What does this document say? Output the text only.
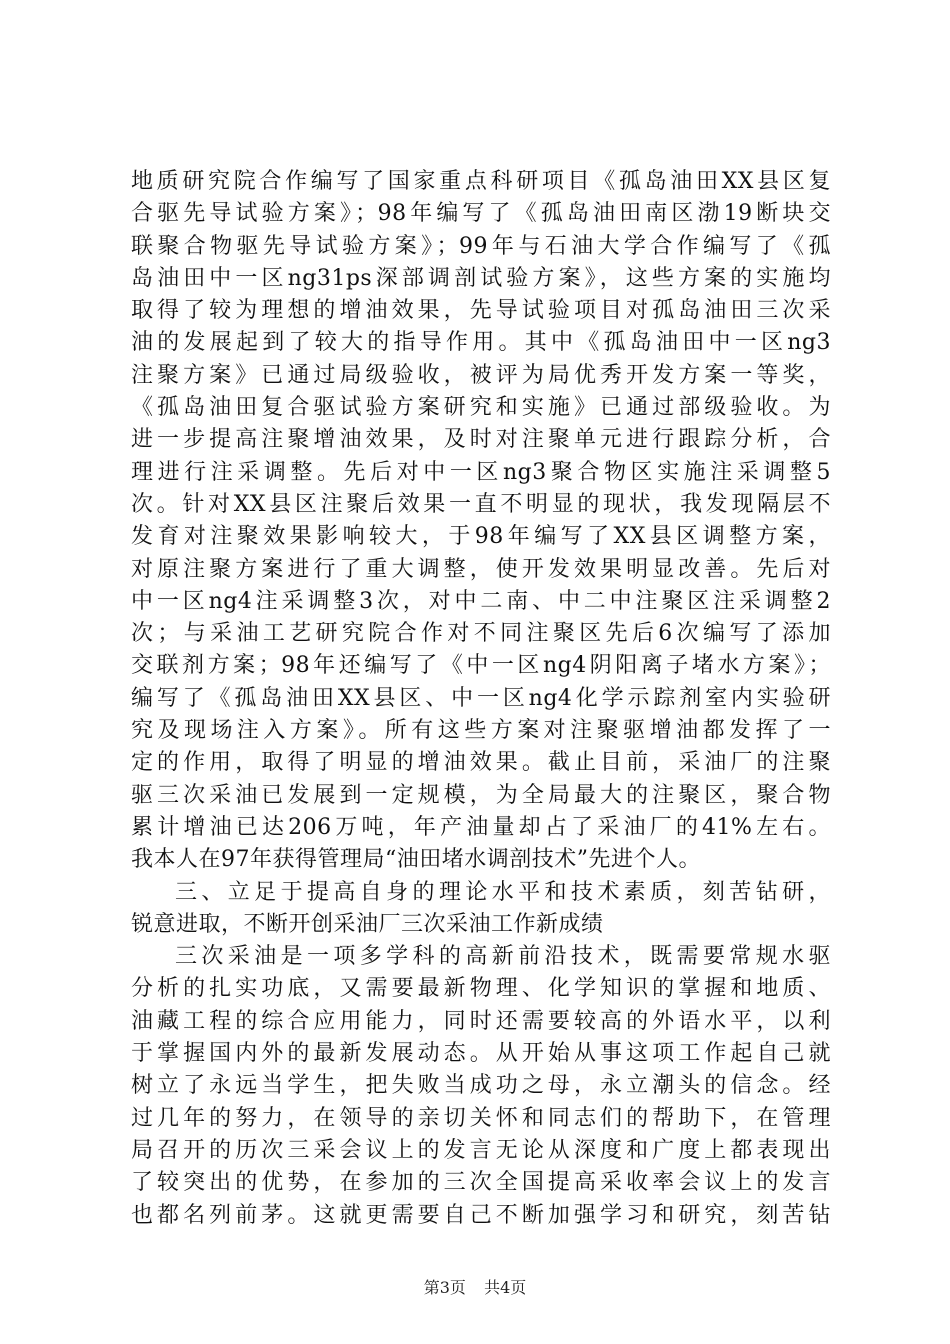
地质研究院合作编写了国家重点科研项目《孤岛油田XX县区复
合驱先导试验方案》；98年编写了《孤岛油田南区渤19断块交
联聚合物驱先导试验方案》；99年与石油大学合作编写了《孤
岛油田中一区ng31ps深部调剖试验方案》，这些方案的实施均
取得了较为理想的增油效果，先导试验项目对孤岛油田三次采
油的发展起到了较大的指导作用。其中《孤岛油田中一区ng3
注聚方案》已通过局级验收，被评为局优秀开发方案一等奖，
《孤岛油田复合驱试验方案研究和实施》已通过部级验收。为
进一步提高注聚增油效果，及时对注聚单元进行跟踪分析，合
理进行注采调整。先后对中一区ng3聚合物区实施注采调整5
次。针对XX县区注聚后效果一直不明显的现状，我发现隔层不
发育对注聚效果影响较大，于98年编写了XX县区调整方案，
对原注聚方案进行了重大调整，使开发效果明显改善。先后对
中一区ng4注采调整3次，对中二南、中二中注聚区注采调整2
次；与采油工艺研究院合作对不同注聚区先后6次编写了添加
交联剂方案；98年还编写了《中一区ng4阴阳离子堵水方案》；
编写了《孤岛油田XX县区、中一区ng4化学示踪剂室内实验研
究及现场注入方案》。所有这些方案对注聚驱增油都发挥了一
定的作用，取得了明显的增油效果。截止目前，采油厂的注聚
驱三次采油已发展到一定规模，为全局最大的注聚区，聚合物
累计增油已达206万吨，年产油量却占了采油厂的41%左右。
我本人在97年获得管理局“油田堵水调剖技术”先进个人。
三、立足于提高自身的理论水平和技术素质，刻苦钻研，
锐意进取，不断开创采油厂三次采油工作新成绩
三次采油是一项多学科的高新前沿技术，既需要常规水驱
分析的扎实功底，又需要最新物理、化学知识的掌握和地质、
油藏工程的综合应用能力，同时还需要较高的外语水平，以利
于掌握国内外的最新发展动态。从开始从事这项工作起自己就
树立了永远当学生，把失败当成功之母，永立潮头的信念。经
过几年的努力，在领导的亲切关怀和同志们的帮助下，在管理
局召开的历次三采会议上的发言无论从深度和广度上都表现出
了较突出的优势，在参加的三次全国提高采收率会议上的发言
也都名列前茅。这就更需要自己不断加强学习和研究，刻苦钻
第3页 共4页
